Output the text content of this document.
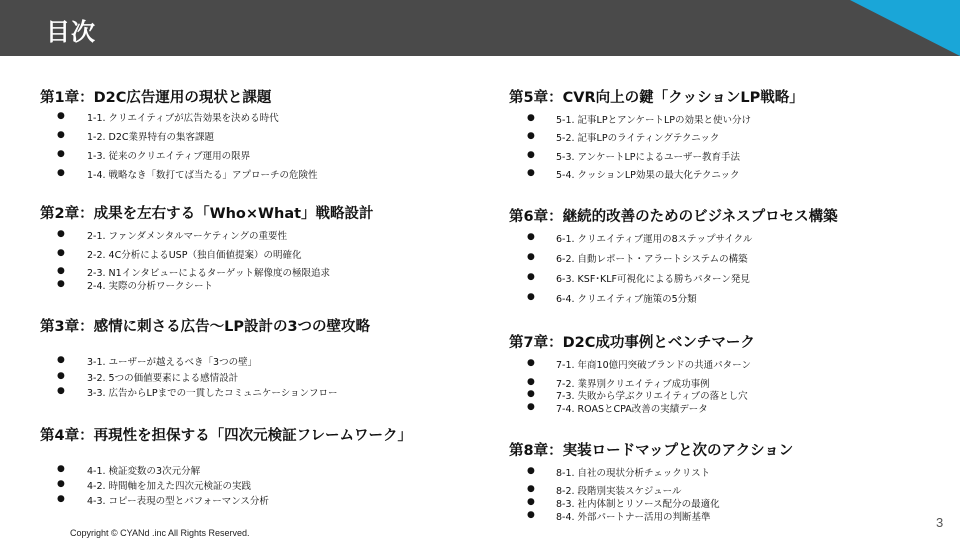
目次
第1章：D2C広告運用の現状と課題
● 1-1. クリエイティブが広告効果を決める時代
● 1-2. D2C業界特有の集客課題
● 1-3. 従来のクリエイティブ運用の限界
● 1-4. 戦略なき「数打てば当たる」アプローチの危険性
第2章：成果を左右する「Who×What」戦略設計
● 2-1. ファンダメンタルマーケティングの重要性
● 2-2. 4C分析によるUSP（独自価値提案）の明確化
● 2-3. N1インタビューによるターゲット解像度の極限追求
● 2-4. 実際の分析ワークシート
第3章：感情に刺さる広告〜LP設計の3つの壁攻略
● 3-1. ユーザーが越えるべき「3つの壁」
● 3-2. 5つの価値要素による感情設計
● 3-3. 広告からLPまでの一貫したコミュニケーションフロー
第4章：再現性を担保する「四次元検証フレームワーク」
● 4-1. 検証変数の3次元分解
● 4-2. 時間軸を加えた四次元検証の実践
● 4-3. コピー表現の型とパフォーマンス分析
第5章：CVR向上の鍵「クッションLP戦略」
● 5-1. 記事LPとアンケートLPの効果と使い分け
● 5-2. 記事LPのライティングテクニック
● 5-3. アンケートLPによるユーザー教育手法
● 5-4. クッションLP効果の最大化テクニック
第6章：継続的改善のためのビジネスプロセス構築
● 6-1. クリエイティブ運用の8ステップサイクル
● 6-2. 自動レポート・アラートシステムの構築
● 6-3. KSF･KLF可視化による勝ちパターン発見
● 6-4. クリエイティブ施策の5分類
第7章：D2C成功事例とベンチマーク
● 7-1. 年商10億円突破ブランドの共通パターン
● 7-2. 業界別クリエイティブ成功事例
● 7-3. 失敗から学ぶクリエイティブの落とし穴
● 7-4. ROASとCPA改善の実績データ
第8章：実装ロードマップと次のアクション
● 8-1. 自社の現状分析チェックリスト
● 8-2. 段階別実装スケジュール
● 8-3. 社内体制とリソース配分の最適化
● 8-4. 外部パートナー活用の判断基準
Copyright © CYANd .inc All Rights Reserved.
3
